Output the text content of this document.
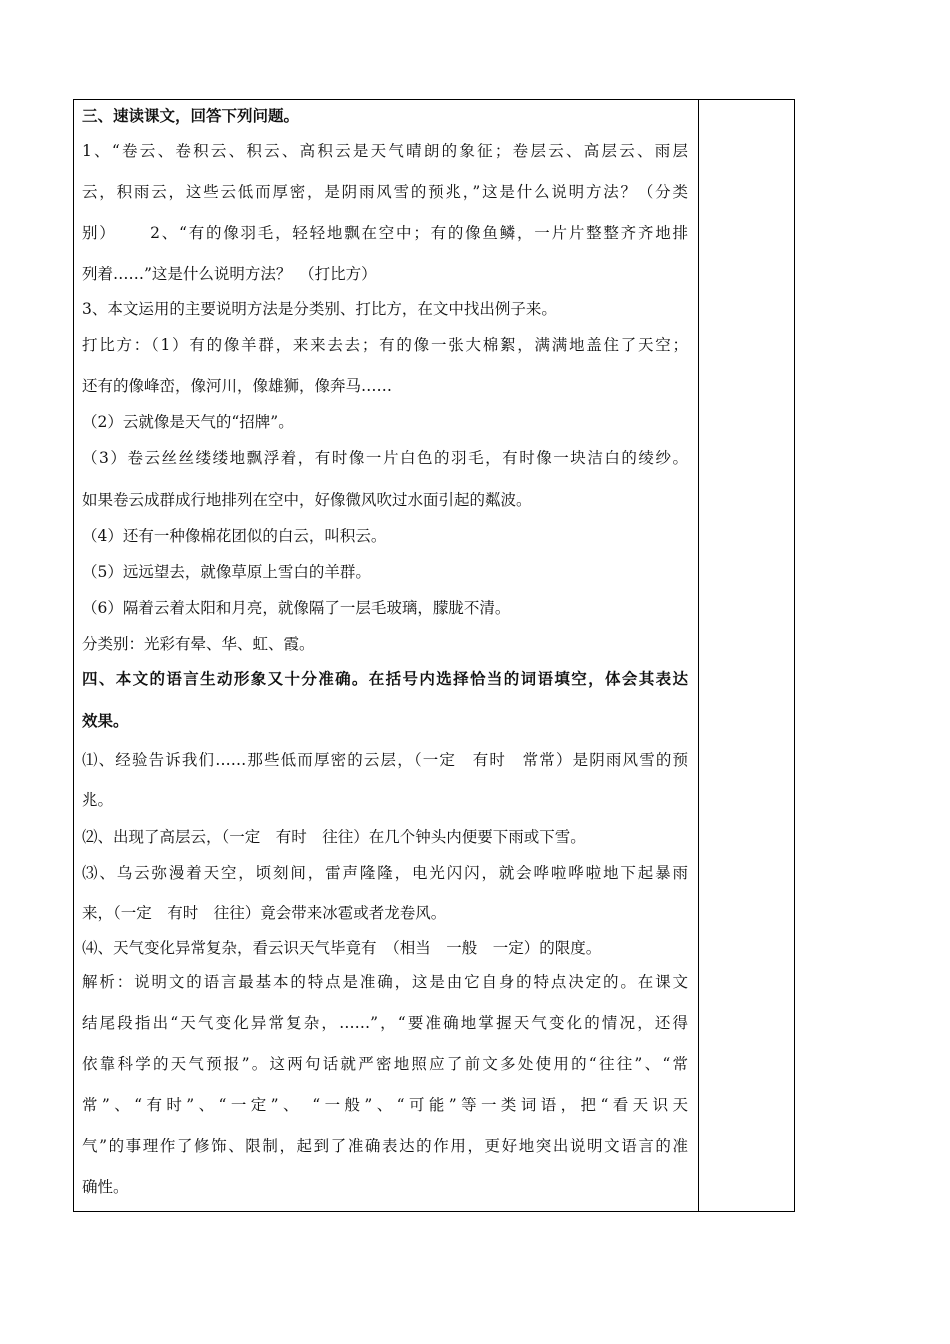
三、速读课文，回答下列问题。
1、“卷云、卷积云、积云、高积云是天气晴朗的象征；卷层云、高层云、雨层
云，积雨云，这些云低而厚密，是阴雨风雪的预兆，”这是什么说明方法？（分类
别）　　 2、“有的像羽毛，轻轻地飘在空中；有的像鱼鳞，一片片整整齐齐地排
列着……”这是什么说明方法？　（打比方）
3、本文运用的主要说明方法是分类别、打比方，在文中找出例子来。
打比方：（1）有的像羊群，来来去去；有的像一张大棉絮，满满地盖住了天空；
还有的像峰峦，像河川，像雄狮，像奔马……
（2）云就像是天气的“招牌”。
（3）卷云丝丝缕缕地飘浮着，有时像一片白色的羽毛，有时像一块洁白的绫纱。
如果卷云成群成行地排列在空中，好像微风吹过水面引起的粼波。
（4）还有一种像棉花团似的白云，叫积云。
（5）远远望去，就像草原上雪白的羊群。
（6）隔着云着太阳和月亮，就像隔了一层毛玻璃，朦胧不清。
分类别：光彩有晕、华、虹、霞。
四、本文的语言生动形象又十分准确。在括号内选择恰当的词语填空，体会其表达
效果。
⑴、经验告诉我们……那些低而厚密的云层，（一定　有时　常常）是阴雨风雪的预
兆。
⑵、出现了高层云，（一定　有时　往往）在几个钟头内便要下雨或下雪。
⑶、乌云弥漫着天空，顷刻间，雷声隆隆，电光闪闪，就会哗啦哗啦地下起暴雨
来，（一定　有时　往往）竟会带来冰雹或者龙卷风。
⑷、天气变化异常复杂，看云识天气毕竟有　（相当　一般　一定）的限度。
解析：说明文的语言最基本的特点是准确，这是由它自身的特点决定的。在课文
结尾段指出“天气变化异常复杂，……”，“要准确地掌握天气变化的情况，还得
依靠科学的天气预报”。这两句话就严密地照应了前文多处使用的“往往”、“常
常”、“有时”、“一定”、 “一般”、“可能”等一类词语，把“看天识天
气”的事理作了修饰、限制，起到了准确表达的作用，更好地突出说明文语言的准
确性。
